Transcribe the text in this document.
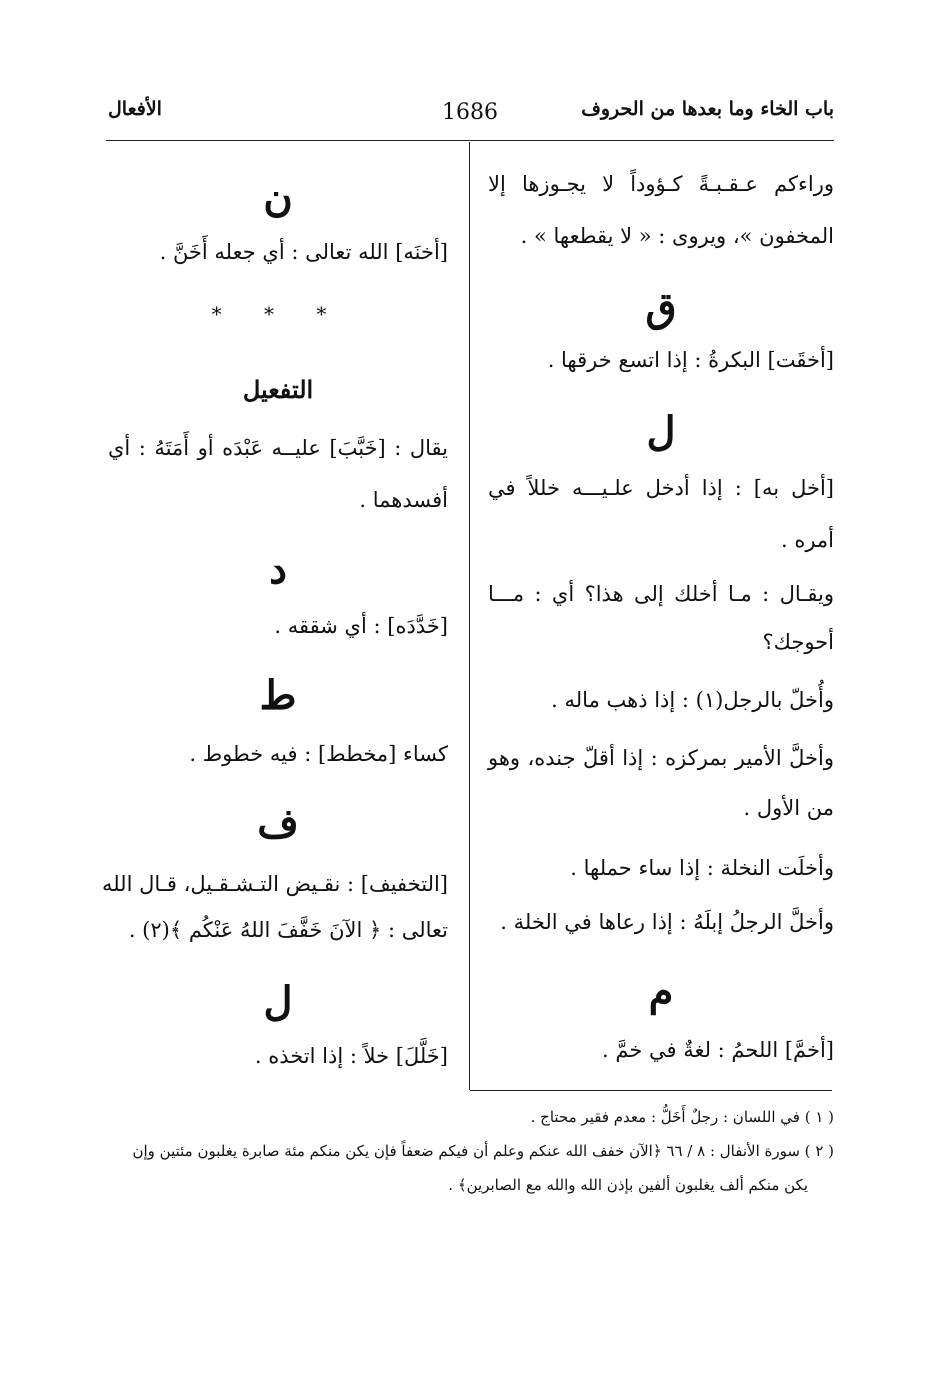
باب الخاء وما بعدها من الحروف
1686
الأفعال
وراءكم عـقـبـةً كـؤوداً لا يجـوزها إلا
المخفون »، ويروى : « لا يقطعها » .
ق
[أخقَت] البكرةُ : إذا اتسع خرقها .
ل
[أخل به] : إذا أدخل علـيـــه خللاً في
أمره .
ويقـال : مـا أخلك إلى هذا؟ أي : مـــا
أحوجك؟
وأُخلّ بالرجل(١) : إذا ذهب ماله .
وأخلَّ الأمير بمركزه : إذا أقلّ جنده، وهو
من الأول .
وأخلَت النخلة : إذا ساء حملها .
وأخلَّ الرجلُ إبلَهُ : إذا رعاها في الخلة .
م
[أخمَّ] اللحمُ : لغةٌ في خمَّ .
ن
[أخنَه] الله تعالى : أي جعله أَخَنَّ .
* * *
التفعيل
يقال : [خَبَّبَ] عليــه عَبْدَه أو أَمَتَهُ : أي
أفسدهما .
د
[خَدَّدَه] : أي شققه .
ط
كساء [مخطط] : فيه خطوط .
ف
[التخفيف] : نقـيض التـشـقـيل، قـال الله
تعالى : ﴿ الآنَ خَفَّفَ اللهُ عَنْكُم ﴾(٢) .
ل
[خَلَّلَ] خلاً : إذا اتخذه .
( ١ ) في اللسان : رجلٌ أَخَلُّ : معدم فقير محتاج .
( ٢ ) سورة الأنفال : ٨ / ٦٦ ﴿الآن خفف الله عنكم وعلم أن فيكم ضعفاً فإن يكن منكم مئة صابرة يغلبون مئتين وإن
يكن منكم ألف يغلبون ألفين بإذن الله والله مع الصابرين﴾ .
